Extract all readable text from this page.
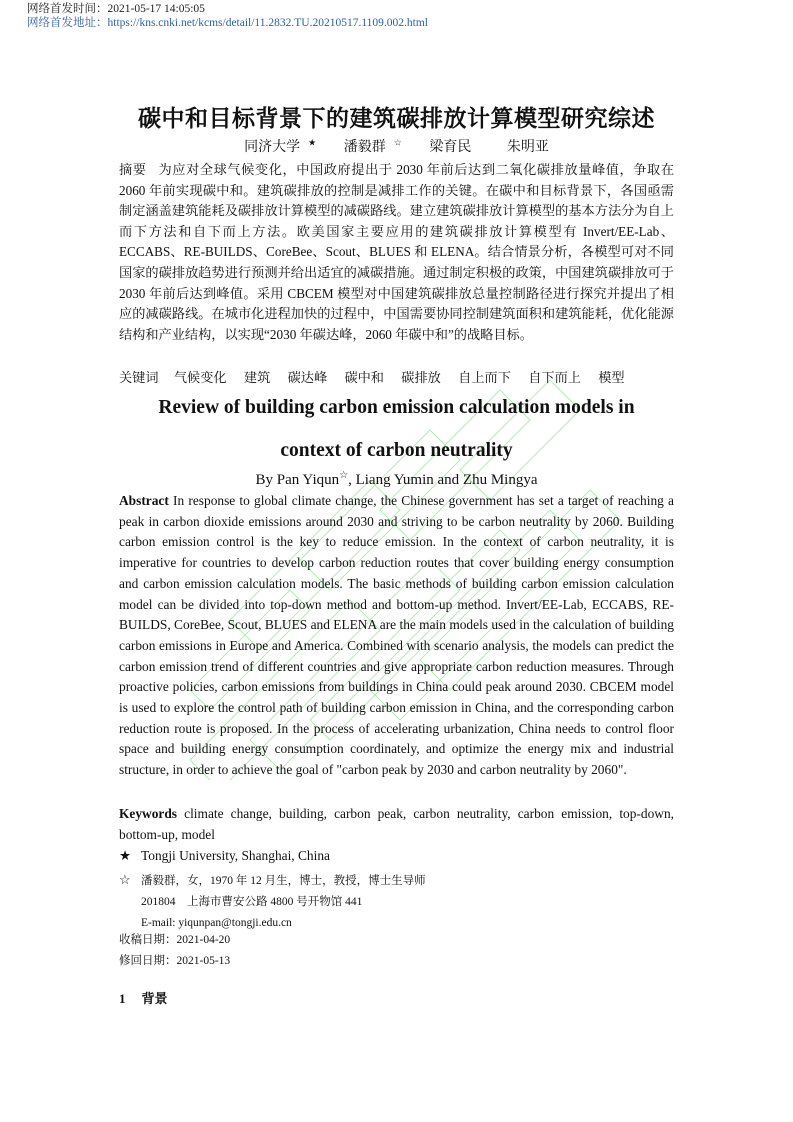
网络首发时间：2021-05-17 14:05:05
网络首发地址：https://kns.cnki.net/kcms/detail/11.2832.TU.20210517.1109.002.html
碳中和目标背景下的建筑碳排放计算模型研究综述
同济大学 ★ 潘毅群 ☆ 梁育民	朱明亚
摘要 为应对全球气候变化，中国政府提出于 2030 年前后达到二氧化碳排放量峰值，争取在 2060 年前实现碳中和。建筑碳排放的控制是减排工作的关键。在碳中和目标背景下，各国亟需制定涵盖建筑能耗及碳排放计算模型的减碳路线。建立建筑碳排放计算模型的基本方法分为自上而下方法和自下而上方法。欧美国家主要应用的建筑碳排放计算模型有 Invert/EE-Lab、ECCABS、RE-BUILDS、CoreBee、Scout、BLUES 和 ELENA。结合情景分析，各模型可对不同国家的碳排放趋势进行预测并给出适宜的减碳措施。通过制定积极的政策，中国建筑碳排放可于 2030 年前后达到峰值。采用 CBCEM 模型对中国建筑碳排放总量控制路径进行探究并提出了相应的减碳路线。在城市化进程加快的过程中，中国需要协同控制建筑面积和建筑能耗，优化能源结构和产业结构，以实现“2030 年碳达峰，2060 年碳中和”的战略目标。
关键词 气候变化 建筑 碳达峰 碳中和 碳排放 自上而下 自下而上 模型
Review of building carbon emission calculation models in
context of carbon neutrality
By Pan Yiqun☆, Liang Yumin and Zhu Mingya
Abstract In response to global climate change, the Chinese government has set a target of reaching a peak in carbon dioxide emissions around 2030 and striving to be carbon neutrality by 2060. Building carbon emission control is the key to reduce emission. In the context of carbon neutrality, it is imperative for countries to develop carbon reduction routes that cover building energy consumption and carbon emission calculation models. The basic methods of building carbon emission calculation model can be divided into top-down method and bottom-up method. Invert/EE-Lab, ECCABS, RE-BUILDS, CoreBee, Scout, BLUES and ELENA are the main models used in the calculation of building carbon emissions in Europe and America. Combined with scenario analysis, the models can predict the carbon emission trend of different countries and give appropriate carbon reduction measures. Through proactive policies, carbon emissions from buildings in China could peak around 2030. CBCEM model is used to explore the control path of building carbon emission in China, and the corresponding carbon reduction route is proposed. In the process of accelerating urbanization, China needs to control floor space and building energy consumption coordinately, and optimize the energy mix and industrial structure, in order to achieve the goal of "carbon peak by 2030 and carbon neutrality by 2060".
Keywords climate change, building, carbon peak, carbon neutrality, carbon emission, top-down, bottom-up, model
★ Tongji University, Shanghai, China
☆ 潘毅群，女，1970 年 12 月生，博士，教授，博士生导师
201804　上海市曹安公路 4800 号开物馆 441
E-mail: yiqunpan@tongji.edu.cn
收稿日期：2021-04-20
修回日期：2021-05-13
1 背景
